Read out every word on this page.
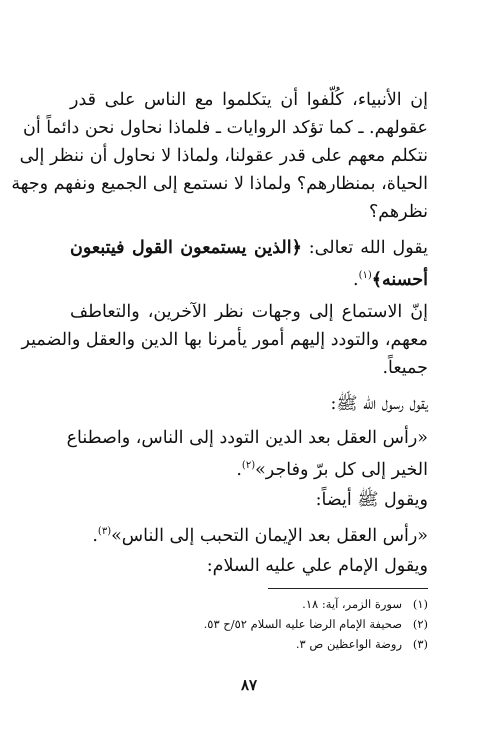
إن الأنبياء، كُلّفوا أن يتكلموا مع الناس على قدر
عقولهم. ـ كما تؤكد الروايات ـ فلماذا نحاول نحن دائماً أن
نتكلم معهم على قدر عقولنا، ولماذا لا نحاول أن ننظر إلى
الحياة، بمنظارهم؟ ولماذا لا نستمع إلى الجميع ونفهم وجهة
نظرهم؟
يقول الله تعالى: ﴿الذين يستمعون القول فيتبعون
أحسنه﴾$^{(١)}$.
إنّ الاستماع إلى وجهات نظر الآخرين، والتعاطف
معهم، والتودد إليهم أمور يأمرنا بها الدين والعقل والضمير
جميعاً.
يقول رسول الله ﷺ:
«رأس العقل بعد الدين التودد إلى الناس، واصطناع
الخير إلى كل برّ وفاجر»$^{(٢)}$.
ويقول ﷺ أيضاً:
«رأس العقل بعد الإيمان التحبب إلى الناس»$^{(٣)}$.
ويقول الإمام علي عليه السلام:
(١)سورة الزمر، آية: ١٨.
(٢)صحيفة الإمام الرضا عليه السلام ٥٢/ح ٥٣.
(٣)روضة الواعظين ص ٣.
٨٧
